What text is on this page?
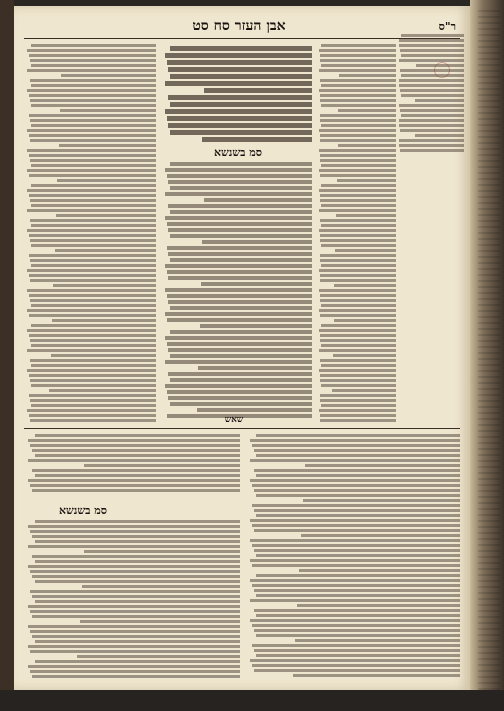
אבן העזר סח סט	ר"ס
סמ בשנשא
סמ בשנשא
שאש
